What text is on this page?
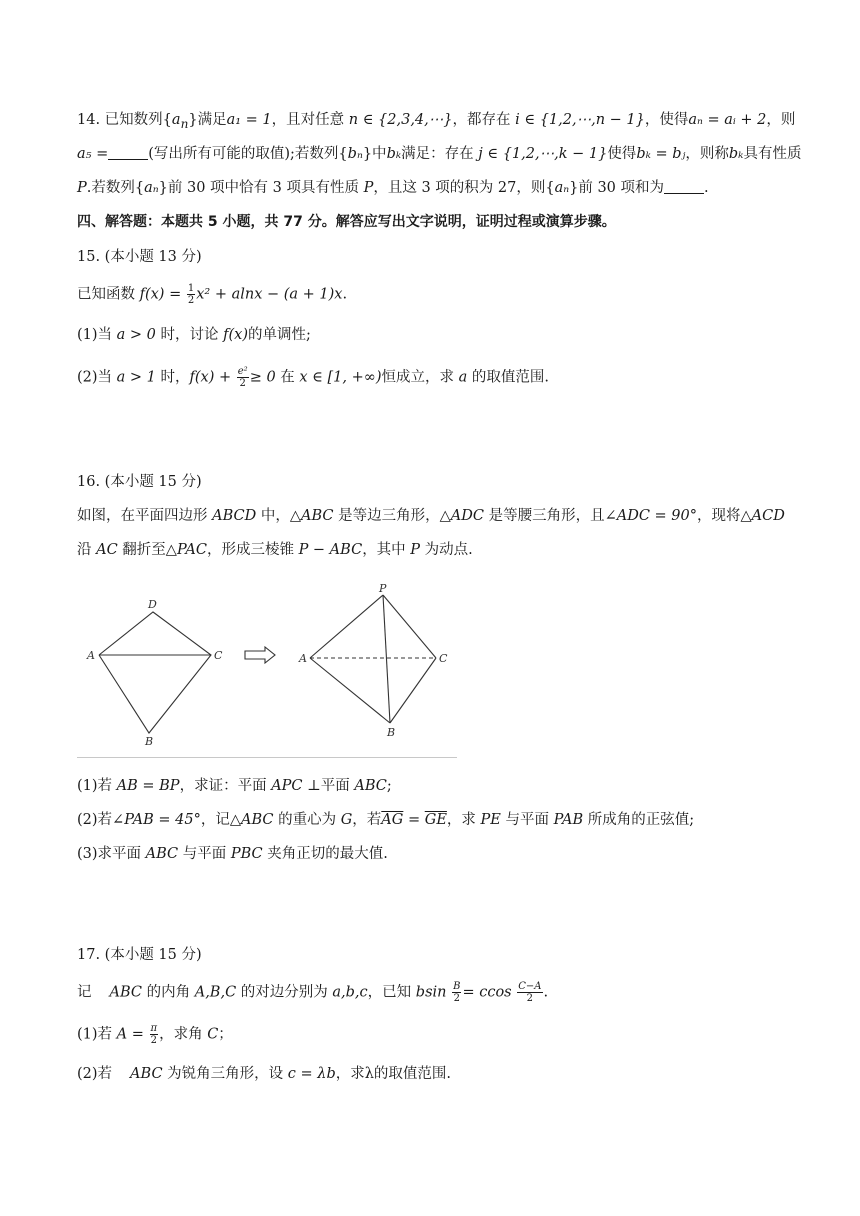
14. 已知数列$\{a_n\}$满足a₁ = 1，且对任意 n ∈ {2,3,4,⋯}，都存在 i ∈ {1,2,⋯,n − 1}，使得aₙ = aᵢ + 2，则
a₅ =	(写出所有可能的取值);若数列{bₙ}中bₖ满足：存在 j ∈ {1,2,⋯,k − 1}使得bₖ = bⱼ，则称bₖ具有性质
P.若数列{aₙ}前 30 项中恰有 3 项具有性质 P，且这 3 项的积为 27，则{aₙ}前 30 项和为	.
四、解答题：本题共 5 小题，共 77 分。解答应写出文字说明，证明过程或演算步骤。
15. (本小题 13 分)
已知函数 $f(x) = \frac{1}{2} x^2 + alnx - (a + 1)x$.
(1)当 a > 0 时，讨论 f(x)的单调性;
(2)当 a > 1 时，$f(x) + \frac{\text{e²}}{2} \ge 0$ 在 x ∈ [1, +∞)恒成立，求 a 的取值范围.
16. (本小题 15 分)
如图，在平面四边形 ABCD 中，△ABC 是等边三角形，△ADC 是等腰三角形，且∠ADC = 90°，现将△ACD
沿 AC 翻折至△PAC，形成三棱锥 P − ABC，其中 P 为动点.
D
A	C
B
P
A	C
B
(1)若 AB = BP，求证：平面 APC ⊥平面 ABC;
(2)若∠PAB = 45°，记△ABC 的重心为 G，若$\overline{AG} = \overline{GE}$，求 PE 与平面 PAB 所成角的正弦值;
(3)求平面 ABC 与平面 PBC 夹角正切的最大值.
17. (本小题 15 分)
记 ABC 的内角 A,B,C 的对边分别为 a,b,c，已知 bsin $\frac{B}{2} = ccos \frac{C-A}{2}$ .
(1)若 $A = \frac{\pi}{2}$ ，求角 C；
(2)若 ABC 为锐角三角形，设 c = λb，求λ的取值范围.
